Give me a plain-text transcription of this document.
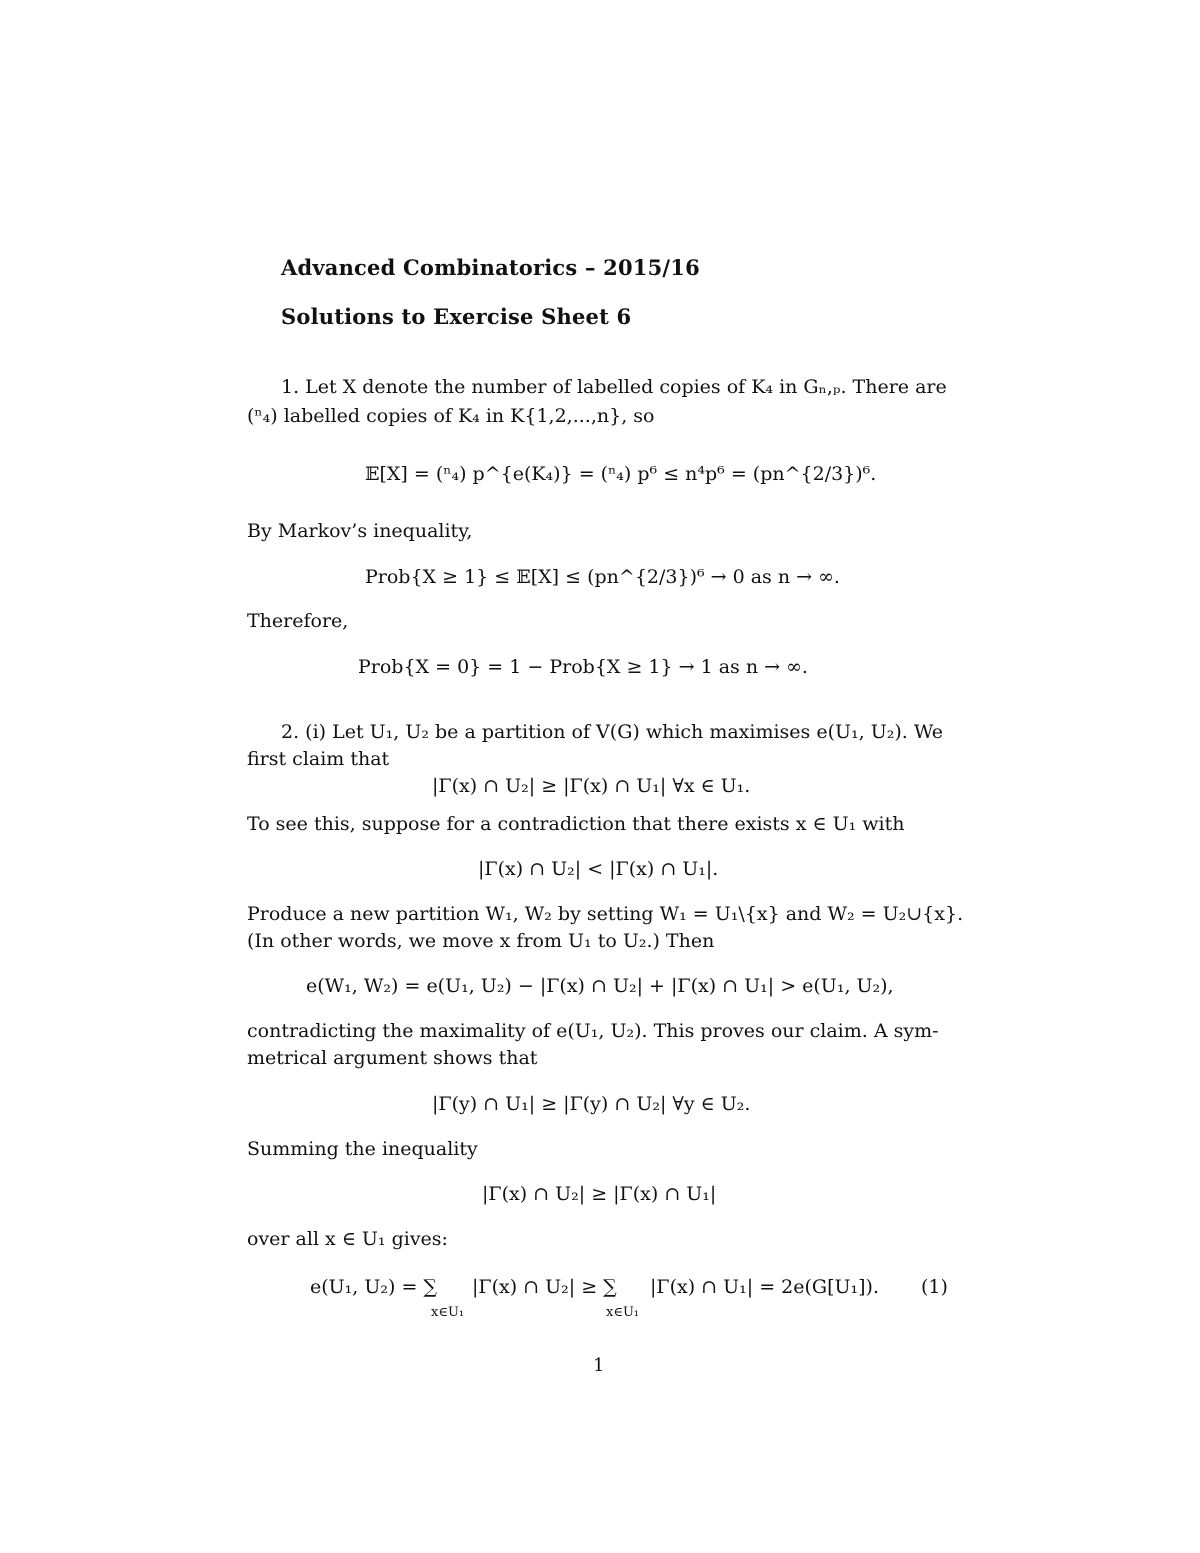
Advanced Combinatorics – 2015/16
Solutions to Exercise Sheet 6
1. Let X denote the number of labelled copies of K₄ in Gₙ,ₚ. There are
(ⁿ₄) labelled copies of K₄ in K{1,2,...,n}, so
𝔼[X] = (ⁿ₄) p^{e(K₄)} = (ⁿ₄) p⁶ ≤ n⁴p⁶ = (pn^{2/3})⁶.
By Markov’s inequality,
Prob{X ≥ 1} ≤ 𝔼[X] ≤ (pn^{2/3})⁶ → 0 as n → ∞.
Therefore,
Prob{X = 0} = 1 − Prob{X ≥ 1} → 1 as n → ∞.
2. (i) Let U₁, U₂ be a partition of V(G) which maximises e(U₁, U₂). We
first claim that
|Γ(x) ∩ U₂| ≥ |Γ(x) ∩ U₁| ∀x ∈ U₁.
To see this, suppose for a contradiction that there exists x ∈ U₁ with
|Γ(x) ∩ U₂| < |Γ(x) ∩ U₁|.
Produce a new partition W₁, W₂ by setting W₁ = U₁\{x} and W₂ = U₂∪{x}.
(In other words, we move x from U₁ to U₂.) Then
e(W₁, W₂) = e(U₁, U₂) − |Γ(x) ∩ U₂| + |Γ(x) ∩ U₁| > e(U₁, U₂),
contradicting the maximality of e(U₁, U₂). This proves our claim. A sym-
metrical argument shows that
|Γ(y) ∩ U₁| ≥ |Γ(y) ∩ U₂| ∀y ∈ U₂.
Summing the inequality
|Γ(x) ∩ U₂| ≥ |Γ(x) ∩ U₁|
over all x ∈ U₁ gives:
e(U₁, U₂) = ∑ |Γ(x) ∩ U₂| ≥ ∑ |Γ(x) ∩ U₁| = 2e(G[U₁]).
x∈U₁	x∈U₁
(1)
1
